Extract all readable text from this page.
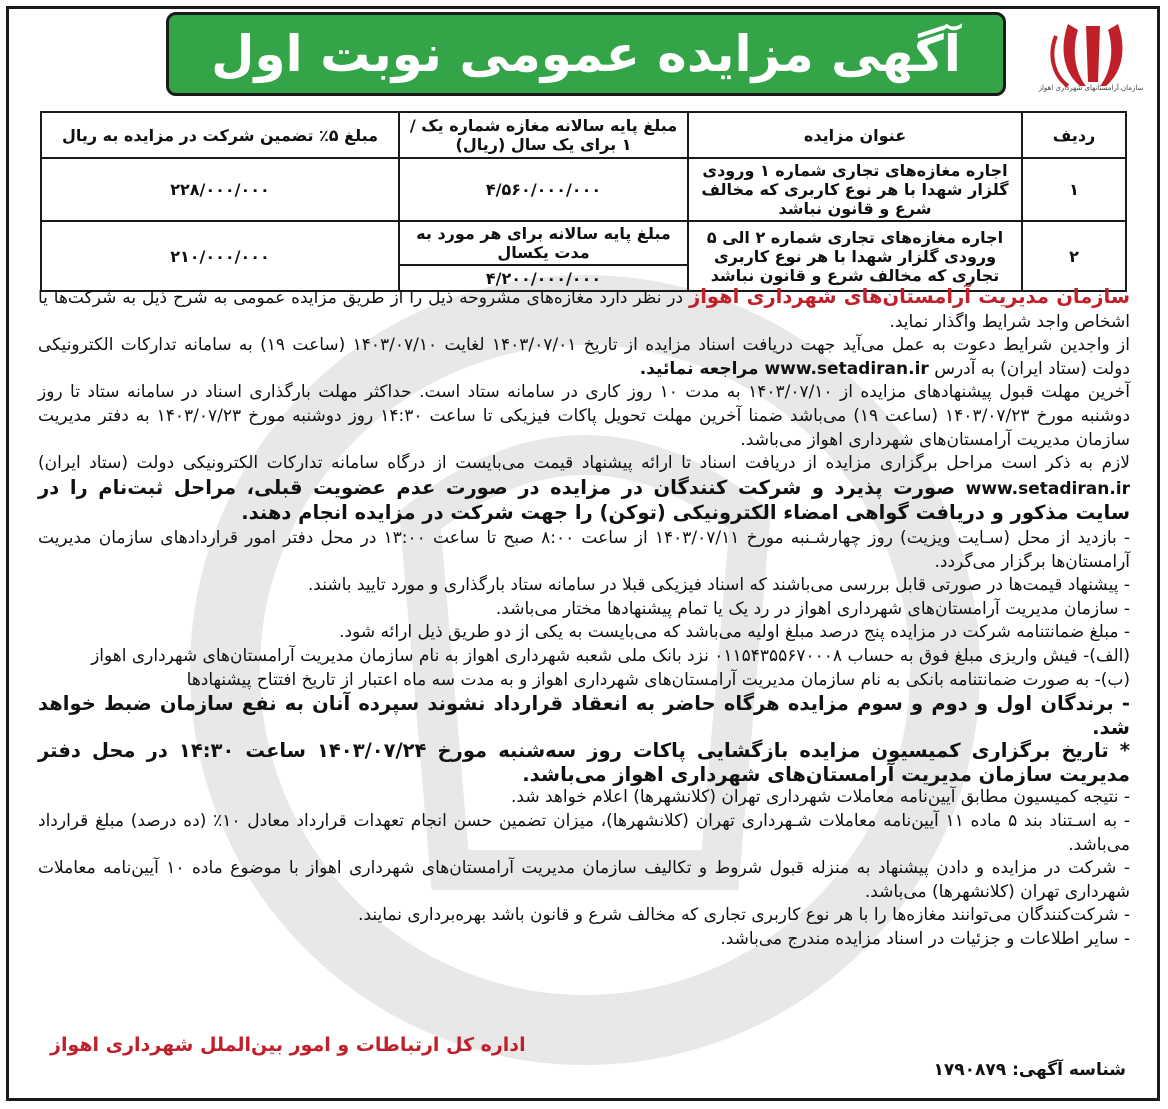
آگهی مزایده عمومی نوبت اول
سازمان آرامستانهای شهرداری اهواز
ردیف	عنوان مزایده	مبلغ پایه سالانه مغازه شماره یک / ۱ برای یک سال (ریال)	مبلغ ۵٪ تضمین شرکت در مزایده به ریال
۱	اجاره مغازه‌های تجاری شماره ۱ ورودی گلزار شهدا با هر نوع کاربری که مخالف شرع و قانون نباشد	۴/۵۶۰/۰۰۰/۰۰۰	۲۲۸/۰۰۰/۰۰۰
۲	اجاره مغازه‌های تجاری شماره ۲ الی ۵ ورودی گلزار شهدا با هر نوع کاربری تجاری که مخالف شرع و قانون نباشد	مبلغ پایه سالانه برای هر مورد به مدت یکسال	۲۱۰/۰۰۰/۰۰۰
		۴/۲۰۰/۰۰۰/۰۰۰	

سازمان مدیریت آرامستان‌های شهرداری اهواز در نظر دارد مغازه‌های مشروحه ذیل را از طریق مزایده عمومی به شرح ذیل به شرکت‌ها یا اشخاص واجد شرایط واگذار نماید.

از واجدین شرایط دعوت به عمل می‌آید جهت دریافت اسناد مزایده از تاریخ ۱۴۰۳/۰۷/۰۱ لغایت ۱۴۰۳/۰۷/۱۰ (ساعت ۱۹) به سامانه تدارکات الکترونیکی دولت (ستاد ایران) به آدرس www.setadiran.ir مراجعه نمائید.

آخرین مهلت قبول پیشنهادهای مزایده از ۱۴۰۳/۰۷/۱۰ به مدت ۱۰ روز کاری در سامانه ستاد است. حداکثر مهلت بارگذاری اسناد در سامانه ستاد تا روز دوشنبه مورخ ۱۴۰۳/۰۷/۲۳ (ساعت ۱۹) می‌باشد ضمنا آخرین مهلت تحویل پاکات فیزیکی تا ساعت ۱۴:۳۰ روز دوشنبه مورخ ۱۴۰۳/۰۷/۲۳ به دفتر مدیریت سازمان مدیریت آرامستان‌های شهرداری اهواز می‌باشد.

لازم به ذکر است مراحل برگزاری مزایده از دریافت اسناد تا ارائه پیشنهاد قیمت می‌بایست از درگاه سامانه تدارکات الکترونیکی دولت (ستاد ایران) www.setadiran.ir صورت پذیرد و شرکت کنندگان در مزایده در صورت عدم عضویت قبلی، مراحل ثبت‌نام را در سایت مذکور و دریافت گواهی امضاء الکترونیکی (توکن) را جهت شرکت در مزایده انجام دهند.

- بازدید از محل (سـایت ویزیت) روز چهارشـنبه مورخ ۱۴۰۳/۰۷/۱۱ از ساعت ۸:۰۰ صبح تا ساعت ۱۳:۰۰ در محل دفتر امور قراردادهای سازمان مدیریت آرامستان‌ها برگزار می‌گردد.

- پیشنهاد قیمت‌ها در صورتی قابل بررسی می‌باشند که اسناد فیزیکی قبلا در سامانه ستاد بارگذاری و مورد تایید باشند.

- سازمان مدیریت آرامستان‌های شهرداری اهواز در رد یک یا تمام پیشنهادها مختار می‌باشد.

- مبلغ ضمانتنامه شرکت در مزایده پنج درصد مبلغ اولیه می‌باشد که می‌بایست به یکی از دو طریق ذیل ارائه شود.

(الف)- فیش واریزی مبلغ فوق به حساب ۰۱۱۵۴۳۵۵۶۷۰۰۰۸ نزد بانک ملی شعبه شهرداری اهواز به نام سازمان مدیریت آرامستان‌های شهرداری اهواز

(ب)- به صورت ضمانتنامه بانکی به نام سازمان مدیریت آرامستان‌های شهرداری اهواز و به مدت سه ماه اعتبار از تاریخ افتتاح پیشنهادها

- برندگان اول و دوم و سوم مزایده هرگاه حاضر به انعقاد قرارداد نشوند سپرده آنان به نفع سازمان ضبط خواهد شد.

* تاریخ برگزاری کمیسیون مزایده بازگشایی پاکات روز سه‌شنبه مورخ ۱۴۰۳/۰۷/۲۴ ساعت ۱۴:۳۰ در محل دفتر مدیریت سازمان مدیریت آرامستان‌های شهرداری اهواز می‌باشد.

- نتیجه کمیسیون مطابق آیین‌نامه معاملات شهرداری تهران (کلانشهرها) اعلام خواهد شد.

- به اسـتناد بند ۵ ماده ۱۱ آیین‌نامه معاملات شـهرداری تهران (کلانشهرها)، میزان تضمین حسن انجام تعهدات قرارداد معادل ۱۰٪ (ده درصد) مبلغ قرارداد می‌باشد.

- شرکت در مزایده و دادن پیشنهاد به منزله قبول شروط و تکالیف سازمان مدیریت آرامستان‌های شهرداری اهواز با موضوع ماده ۱۰ آیین‌نامه معاملات شهرداری تهران (کلانشهرها) می‌باشد.

- شرکت‌کنندگان می‌توانند مغازه‌ها را با هر نوع کاربری تجاری که مخالف شرع و قانون باشد بهره‌برداری نمایند.

- سایر اطلاعات و جزئیات در اسناد مزایده مندرج می‌باشد.

اداره کل ارتباطات و امور بین‌الملل شهرداری اهواز
شناسه آگهی: ۱۷۹۰۸۷۹
